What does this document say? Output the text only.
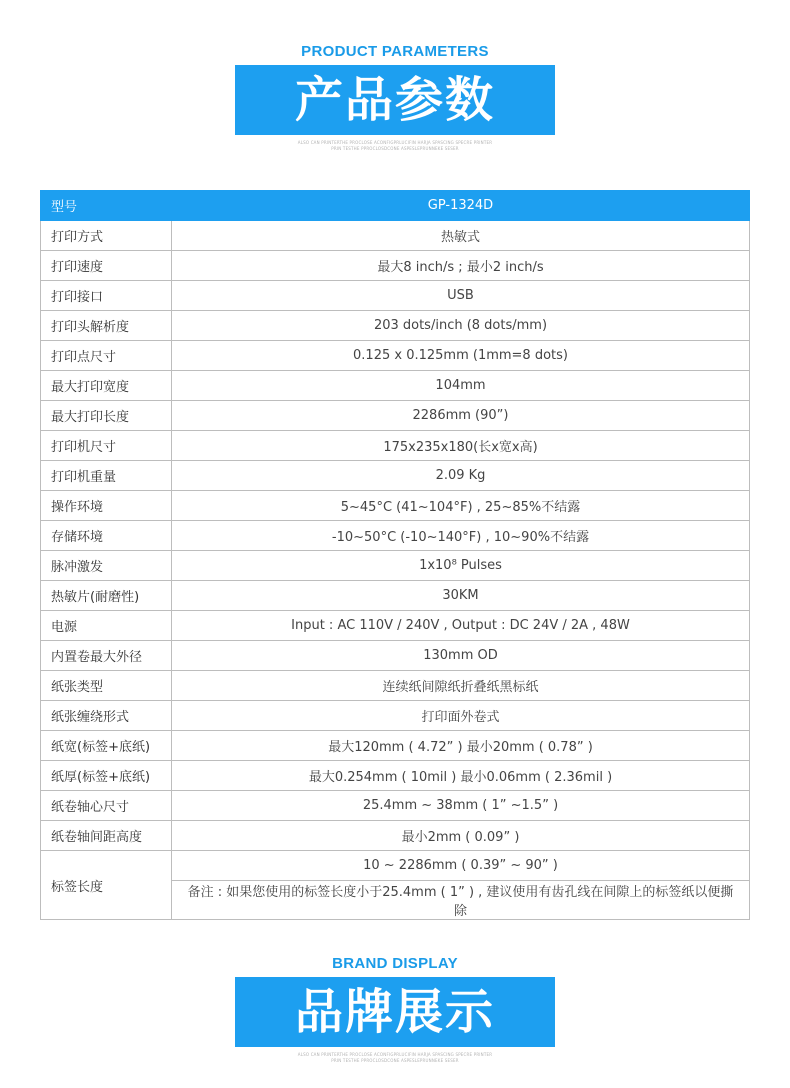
PRODUCT PARAMETERS
产品参数
ALSO CAN PRINTERTHE PROCLOSE ACONFIGPRLUCIFIN HARJA SPASCING SPECRE PRINTER
PRIN TESTHE PPROCLOSDCONE ASPESLEPRUNNEKE SESER
型号	GP-1324D
打印方式	热敏式
打印速度	最大8 inch/s ; 最小2 inch/s
打印接口	USB
打印头解析度	203 dots/inch (8 dots/mm)
打印点尺寸	0.125 x 0.125mm (1mm=8 dots)
最大打印宽度	104mm
最大打印长度	2286mm (90”)
打印机尺寸	175x235x180(长x宽x高)
打印机重量	2.09 Kg
操作环境	5~45°C (41~104°F) , 25~85%不结露
存储环境	-10~50°C (-10~140°F) , 10~90%不结露
脉冲激发	1x10⁸ Pulses
热敏片(耐磨性)	30KM
电源	Input : AC 110V / 240V , Output : DC 24V / 2A , 48W
内置卷最大外径	130mm OD
纸张类型	连续纸间隙纸折叠纸黑标纸
纸张缠绕形式	打印面外卷式
纸宽(标签+底纸)	最大120mm ( 4.72” ) 最小20mm ( 0.78” )
纸厚(标签+底纸)	最大0.254mm ( 10mil ) 最小0.06mm ( 2.36mil )
纸卷轴心尺寸	25.4mm ~ 38mm ( 1” ~1.5” )
纸卷轴间距高度	最小2mm ( 0.09” )
标签长度	10 ~ 2286mm ( 0.39” ~ 90” )
	备注 : 如果您使用的标签长度小于25.4mm ( 1” ) , 建议使用有齿孔线在间隙上的标签纸以便撕除
BRAND DISPLAY
品牌展示
ALSO CAN PRINTERTHE PROCLOSE ACONFIGPRLUCIFIN HARJA SPASCING SPECRE PRINTER
PRIN TESTHE PPROCLOSDCONE ASPESLEPRUNNEKE SESER
